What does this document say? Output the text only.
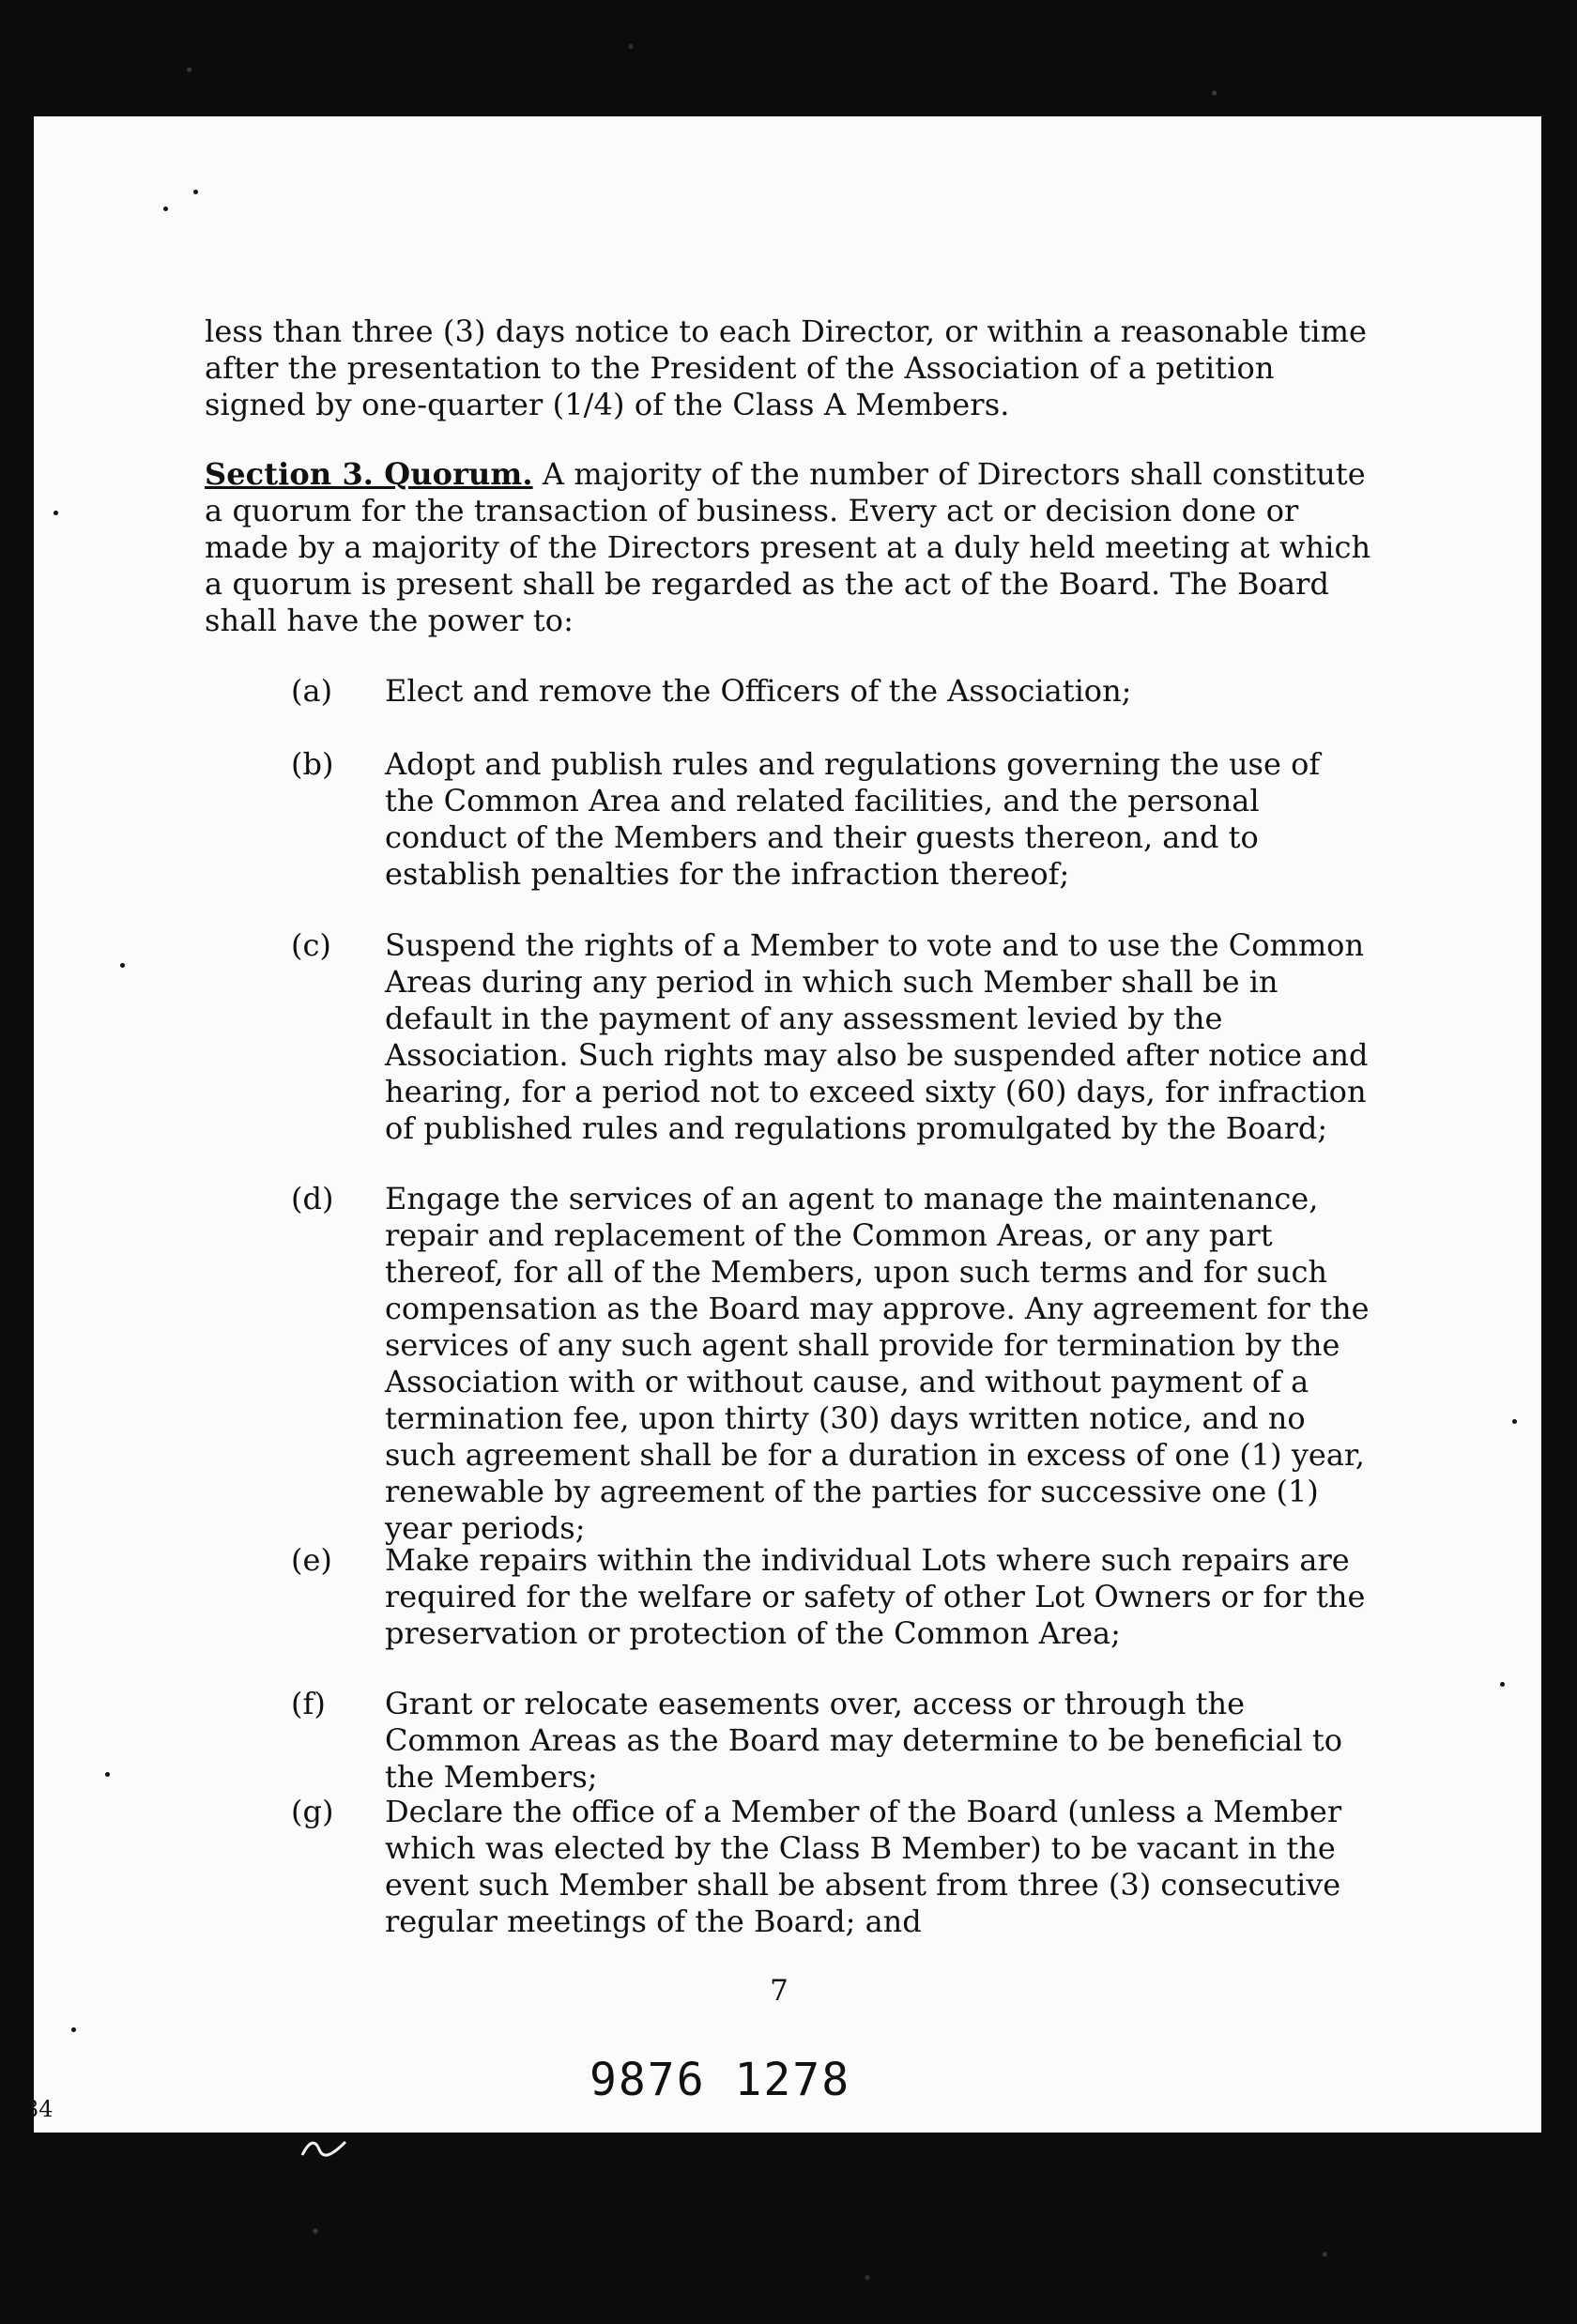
less than three (3) days notice to each Director, or within a reasonable time after the presentation to the President of the Association of a petition signed by one-quarter (1/4) of the Class A Members.
Section 3. Quorum. A majority of the number of Directors shall constitute a quorum for the transaction of business. Every act or decision done or made by a majority of the Directors present at a duly held meeting at which a quorum is present shall be regarded as the act of the Board. The Board shall have the power to:
(a)	Elect and remove the Officers of the Association;
(b)	Adopt and publish rules and regulations governing the use of the Common Area and related facilities, and the personal conduct of the Members and their guests thereon, and to establish penalties for the infraction thereof;
(c)	Suspend the rights of a Member to vote and to use the Common Areas during any period in which such Member shall be in default in the payment of any assessment levied by the Association. Such rights may also be suspended after notice and hearing, for a period not to exceed sixty (60) days, for infraction of published rules and regulations promulgated by the Board;
(d)	Engage the services of an agent to manage the maintenance, repair and replacement of the Common Areas, or any part thereof, for all of the Members, upon such terms and for such compensation as the Board may approve. Any agreement for the services of any such agent shall provide for termination by the Association with or without cause, and without payment of a termination fee, upon thirty (30) days written notice, and no such agreement shall be for a duration in excess of one (1) year, renewable by agreement of the parties for successive one (1) year periods;
(e)	Make repairs within the individual Lots where such repairs are required for the welfare or safety of other Lot Owners or for the preservation or protection of the Common Area;
(f)	Grant or relocate easements over, access or through the Common Areas as the Board may determine to be beneficial to the Members;
(g)	Declare the office of a Member of the Board (unless a Member which was elected by the Class B Member) to be vacant in the event such Member shall be absent from three (3) consecutive regular meetings of the Board; and
7
9876 1278
34
